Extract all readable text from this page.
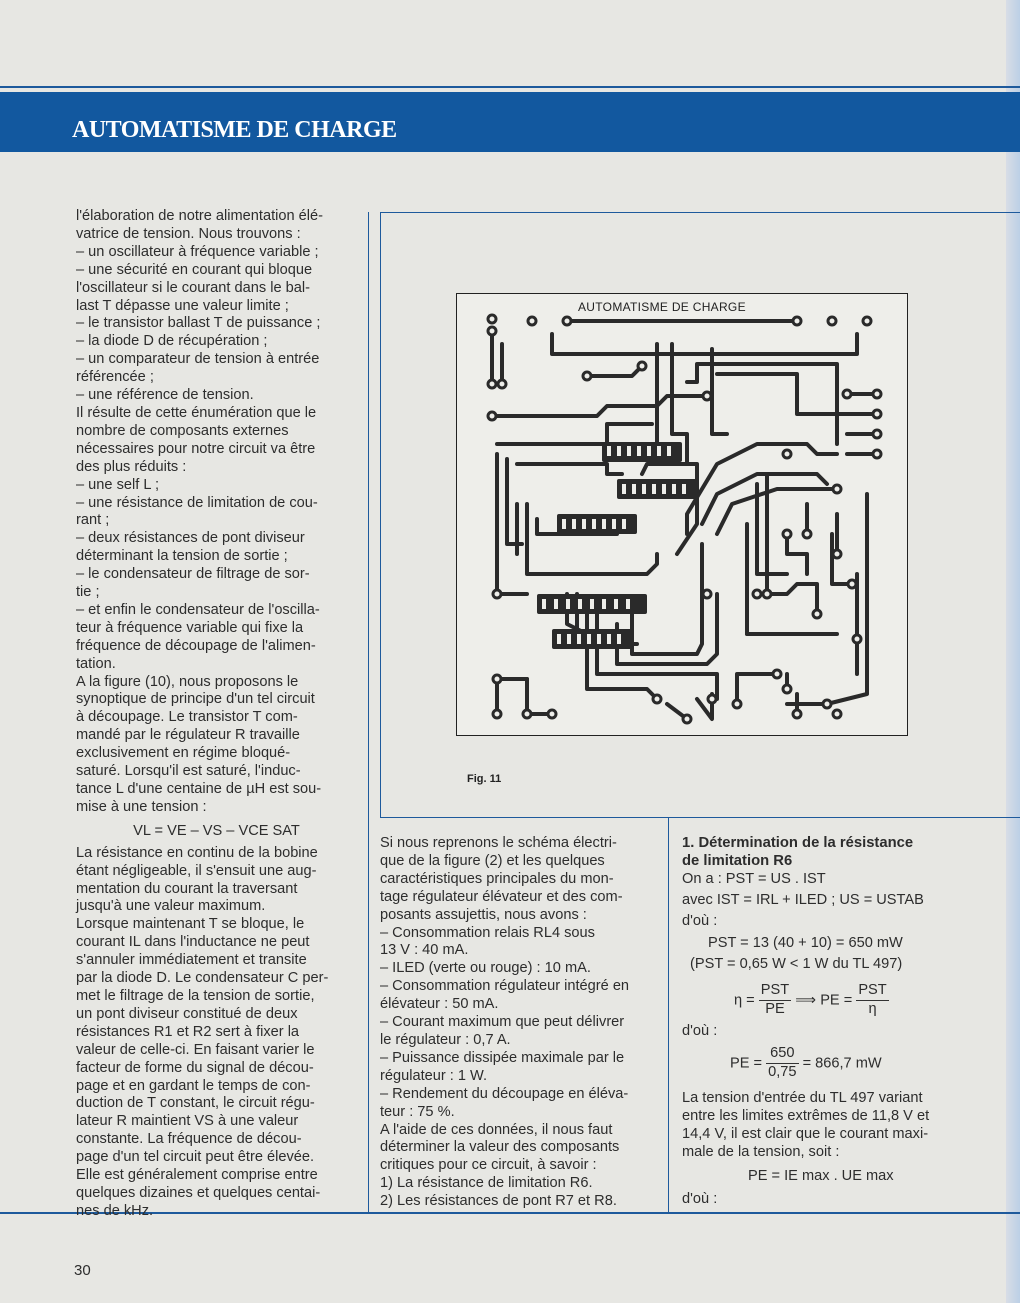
AUTOMATISME DE CHARGE
l'élaboration de notre alimentation élé-
vatrice de tension. Nous trouvons :
– un oscillateur à fréquence variable ;
– une sécurité en courant qui bloque
l'oscillateur si le courant dans le bal-
last T dépasse une valeur limite ;
– le transistor ballast T de puissance ;
– la diode D de récupération ;
– un comparateur de tension à entrée
référencée ;
– une référence de tension.
Il résulte de cette énumération que le
nombre de composants externes
nécessaires pour notre circuit va être
des plus réduits :
– une self L ;
– une résistance de limitation de cou-
rant ;
– deux résistances de pont diviseur
déterminant la tension de sortie ;
– le condensateur de filtrage de sor-
tie ;
– et enfin le condensateur de l'oscilla-
teur à fréquence variable qui fixe la
fréquence de découpage de l'alimen-
tation.
A la figure (10), nous proposons le
synoptique de principe d'un tel circuit
à découpage. Le transistor T com-
mandé par le régulateur R travaille
exclusivement en régime bloqué-
saturé. Lorsqu'il est saturé, l'induc-
tance L d'une centaine de µH est sou-
mise à une tension :

VL = VE – VS – VCE SAT

La résistance en continu de la bobine
étant négligeable, il s'ensuit une aug-
mentation du courant la traversant
jusqu'à une valeur maximum.
Lorsque maintenant T se bloque, le
courant IL dans l'inductance ne peut
s'annuler immédiatement et transite
par la diode D. Le condensateur C per-
met le filtrage de la tension de sortie,
un pont diviseur constitué de deux
résistances R1 et R2 sert à fixer la
valeur de celle-ci. En faisant varier le
facteur de forme du signal de décou-
page et en gardant le temps de con-
duction de T constant, le circuit régu-
lateur R maintient VS à une valeur
constante. La fréquence de décou-
page d'un tel circuit peut être élevée.
Elle est généralement comprise entre
quelques dizaines et quelques centai-
nes de kHz.
AUTOMATISME DE CHARGE
Fig. 11
Si nous reprenons le schéma électri-
que de la figure (2) et les quelques
caractéristiques principales du mon-
tage régulateur élévateur et des com-
posants assujettis, nous avons :
– Consommation relais RL4 sous
13 V : 40 mA.
– ILED (verte ou rouge) : 10 mA.
– Consommation régulateur intégré en
élévateur : 50 mA.
– Courant maximum que peut délivrer
le régulateur : 0,7 A.
– Puissance dissipée maximale par le
régulateur : 1 W.
– Rendement du découpage en éléva-
teur : 75 %.
A l'aide de ces données, il nous faut
déterminer la valeur des composants
critiques pour ce circuit, à savoir :
1) La résistance de limitation R6.
2) Les résistances de pont R7 et R8.

1. Détermination de la résistance
de limitation R6

On a : PST = US . IST

avec IST = IRL + ILED ; US = USTAB

d'où :

PST = 13 (40 + 10) = 650 mW

(PST = 0,65 W < 1 W du TL 497)

$\eta = \frac{\text{PST}}{PE}$ ⟹ PE = $\frac{\text{PST}}{\eta}$

d'où :

PE = $\frac{650}{0,75} = 866,7$ mW
La tension d'entrée du TL 497 variant
entre les limites extrêmes de 11,8 V et
14,4 V, il est clair que le courant maxi-
male de la tension, soit :

PE = IE max . UE max

d'où :

30
